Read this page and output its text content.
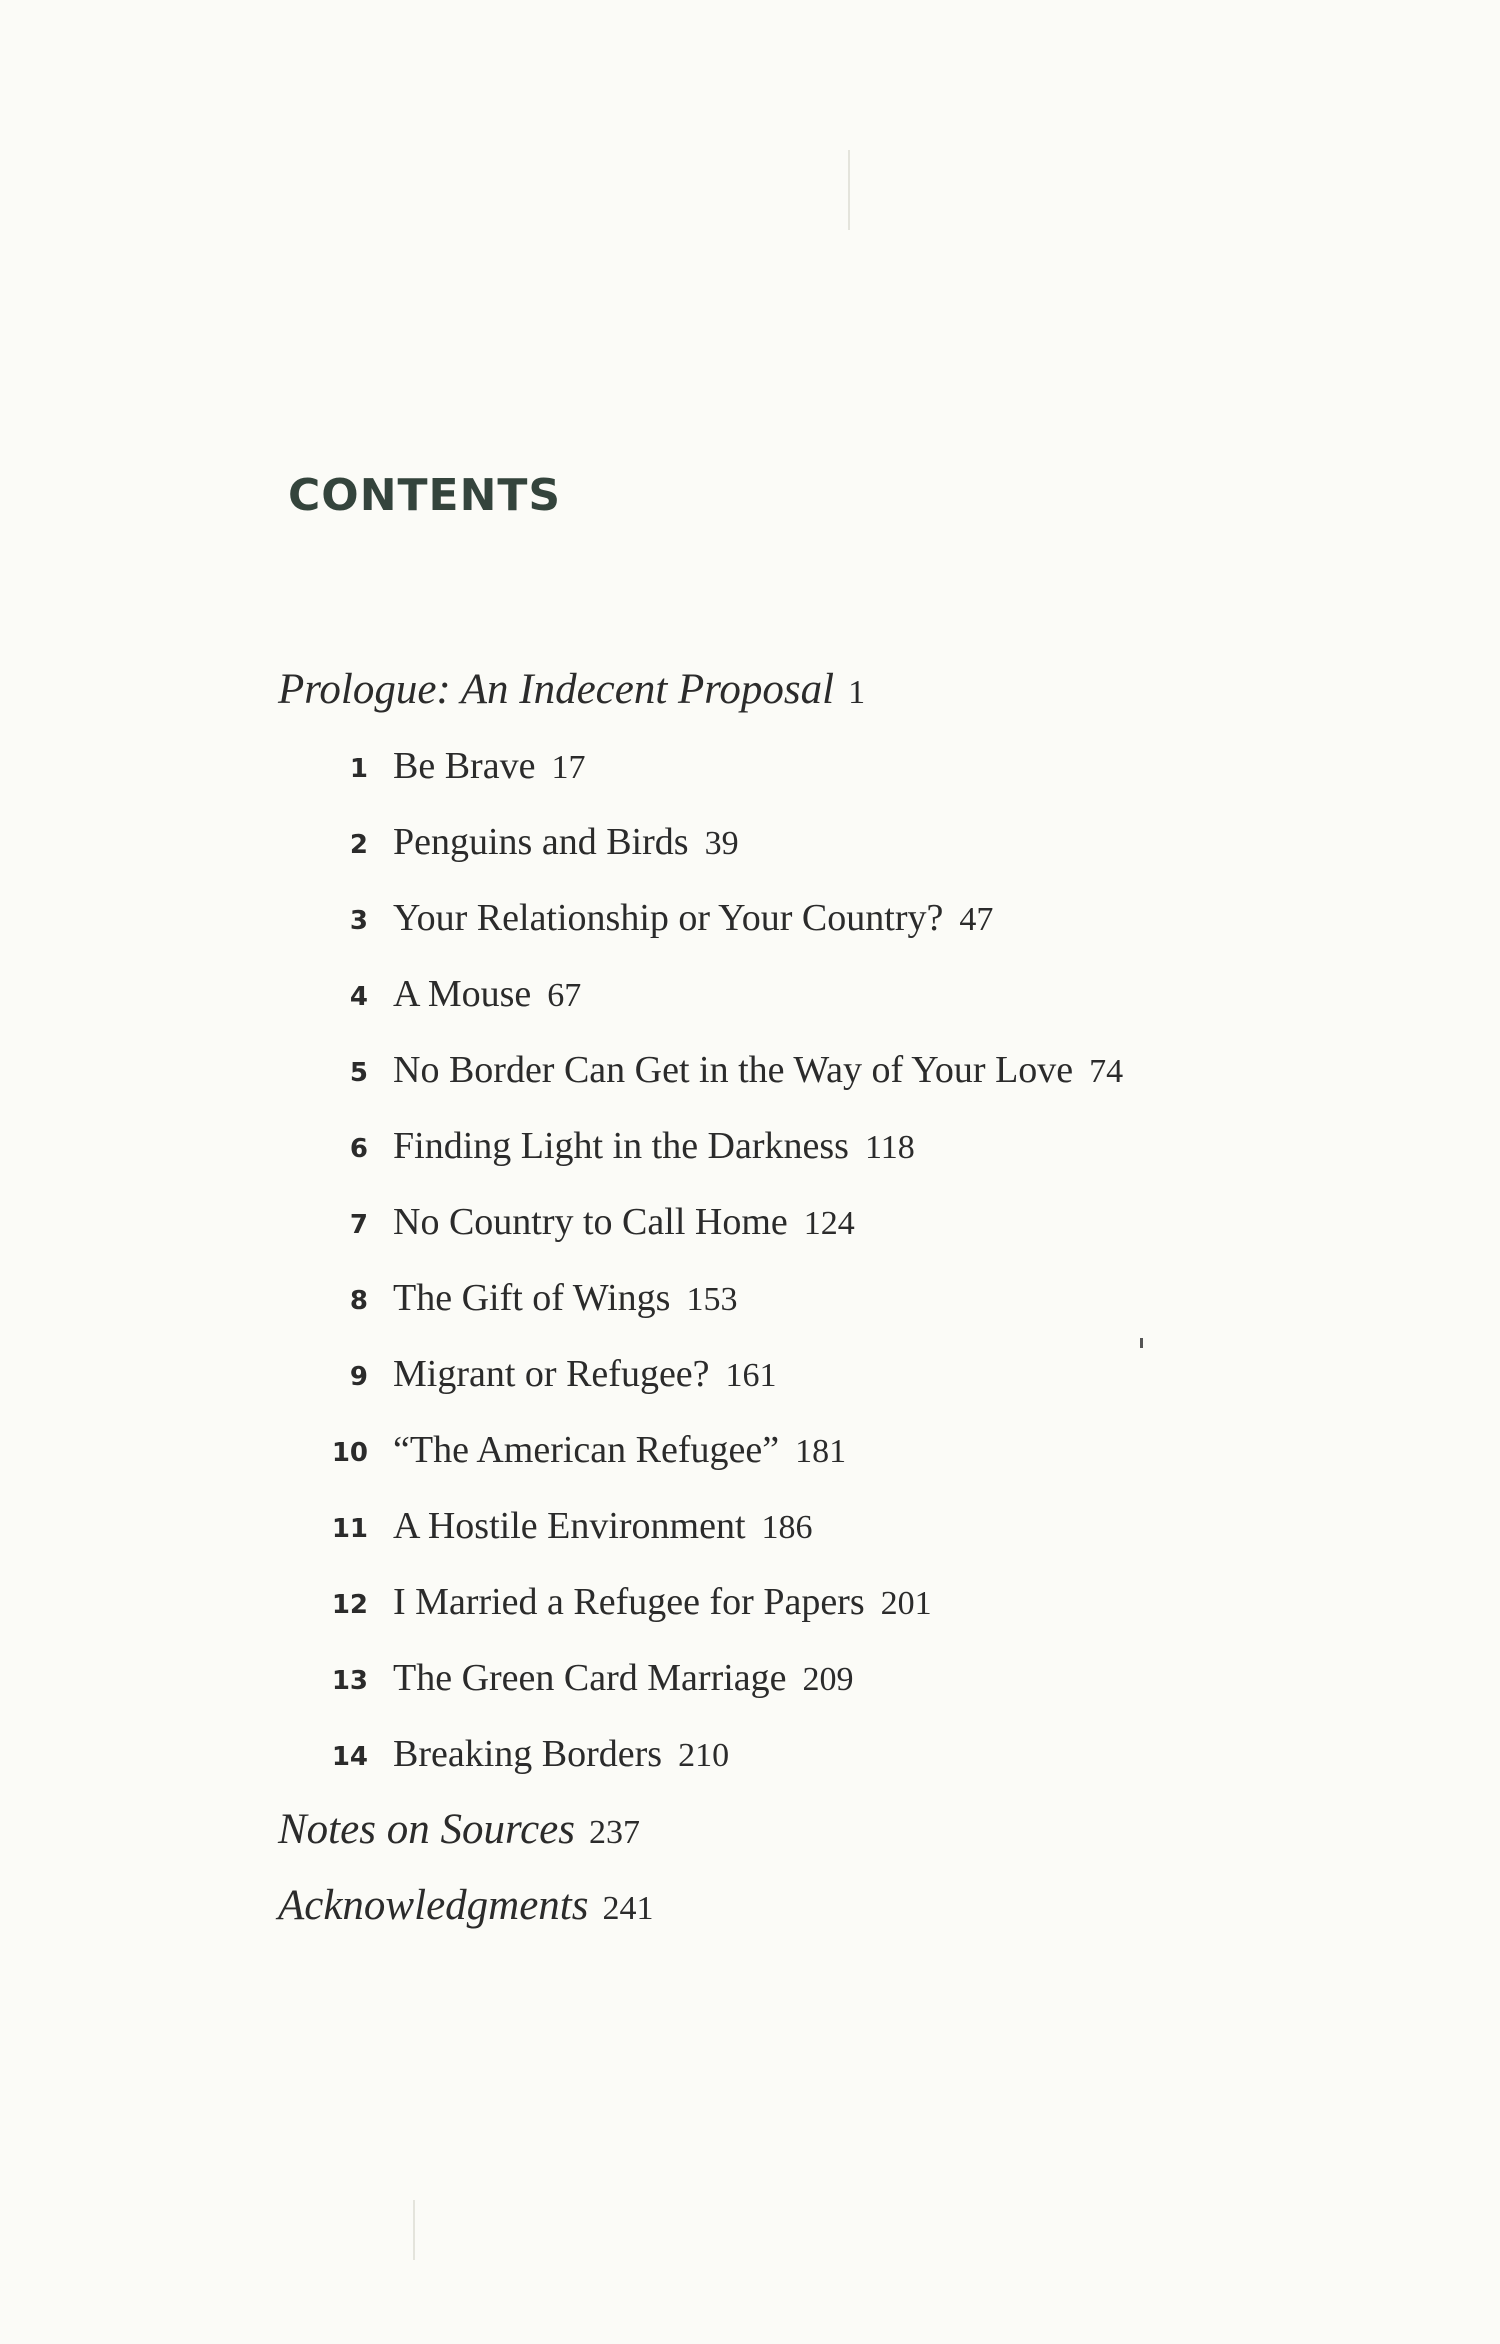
CONTENTS
Prologue: An Indecent Proposal 1
1 Be Brave 17
2 Penguins and Birds 39
3 Your Relationship or Your Country? 47
4 A Mouse 67
5 No Border Can Get in the Way of Your Love 74
6 Finding Light in the Darkness 118
7 No Country to Call Home 124
8 The Gift of Wings 153
9 Migrant or Refugee? 161
10 “The American Refugee” 181
11 A Hostile Environment 186
12 I Married a Refugee for Papers 201
13 The Green Card Marriage 209
14 Breaking Borders 210
Notes on Sources 237
Acknowledgments 241
